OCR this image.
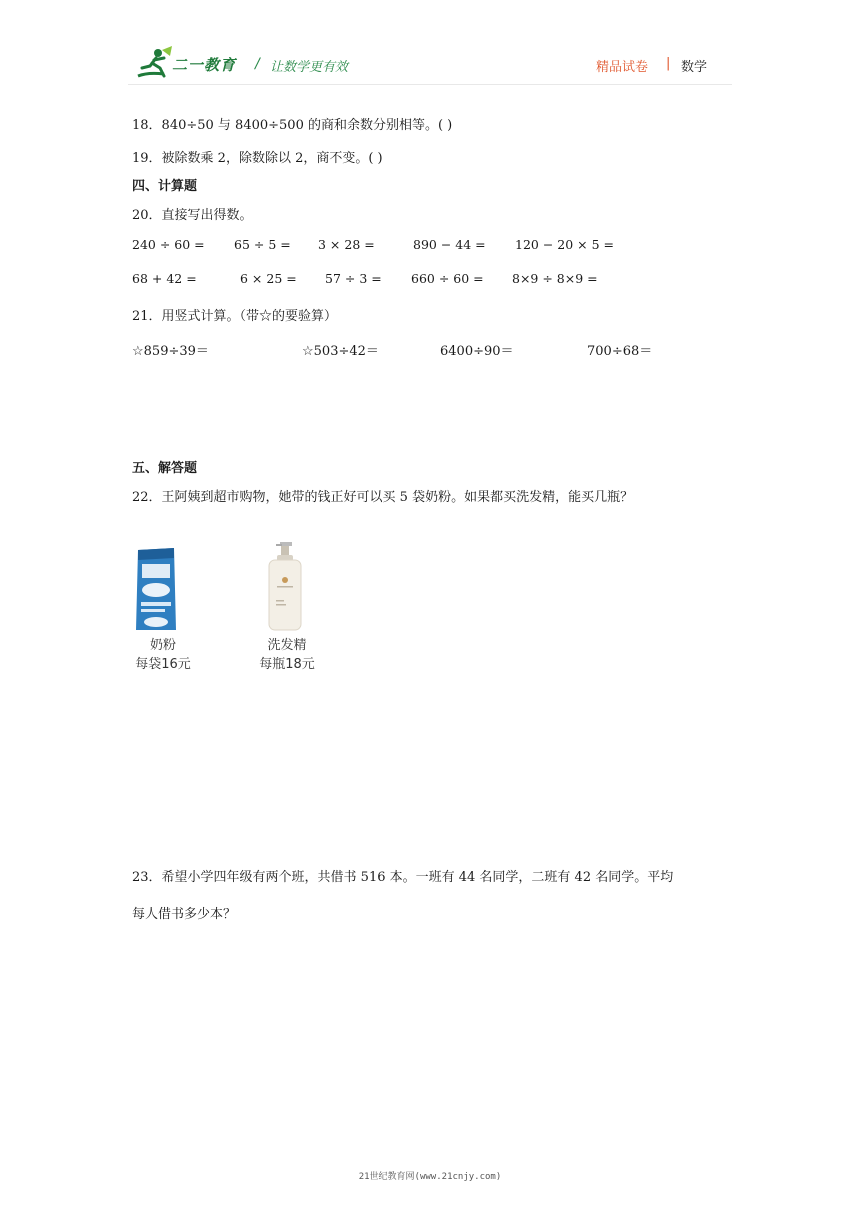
二一教育 / 让数学更有效	精品试卷 | 数学
18．840÷50 与 8400÷500 的商和余数分别相等。( )
19．被除数乘 2，除数除以 2，商不变。( )
四、计算题
20．直接写出得数。
240 ÷ 60 = 65 ÷ 5 = 3 × 28 =	890 − 44 = 120 − 20 × 5 =
68 + 42 =	6 × 25 = 57 ÷ 3 = 660 ÷ 60 = 8×9 ÷ 8×9 =
21．用竖式计算。（带☆的要验算）
☆859÷39＝	☆503÷42＝	6400÷90＝	700÷68＝
五、解答题
22．王阿姨到超市购物，她带的钱正好可以买 5 袋奶粉。如果都买洗发精，能买几瓶？
奶粉
每袋16元
洗发精
每瓶18元
23．希望小学四年级有两个班，共借书 516 本。一班有 44 名同学，二班有 42 名同学。平均
每人借书多少本？
21世纪教育网(www.21cnjy.com)
